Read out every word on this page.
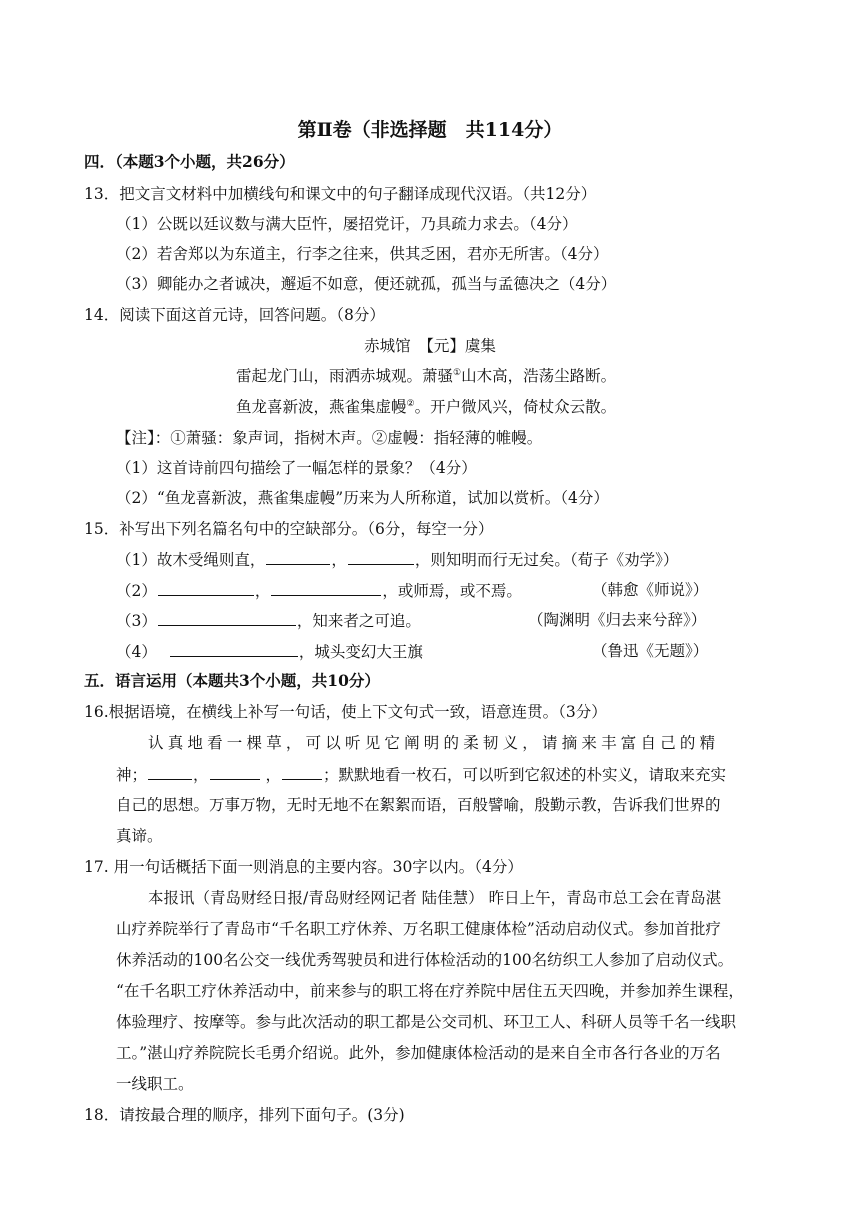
第Ⅱ卷（非选择题　共114分）
四．（本题3个小题，共26分）
13．把文言文材料中加横线句和课文中的句子翻译成现代汉语。（共12分）
（1）公既以廷议数与满大臣忤，屡招党讦，乃具疏力求去。（4分）
（2）若舍郑以为东道主，行李之往来，供其乏困，君亦无所害。（4分）
（3）卿能办之者诚决，邂逅不如意，便还就孤，孤当与孟德决之（4分）
14．阅读下面这首元诗，回答问题。（8分）
赤城馆　【元】虞集
雷起龙门山，雨洒赤城观。萧骚①山木高，浩荡尘路断。
鱼龙喜新波，燕雀集虚幔②。开户微风兴，倚杖众云散。
【注】：①萧骚：象声词，指树木声。②虚幔：指轻薄的帷幔。
（1）这首诗前四句描绘了一幅怎样的景象？（4分）
（2）“鱼龙喜新波，燕雀集虚幔”历来为人所称道，试加以赏析。（4分）
15．补写出下列名篇名句中的空缺部分。（6分，每空一分）
（1）故木受绳则直，	，	，则知明而行无过矣。（荀子《劝学》）
（2）	，	，或师焉，或不焉。	（韩愈《师说》）
（3）	，知来者之可追。	（陶渊明《归去来兮辞》）
（4）	，城头变幻大王旗	（鲁迅《无题》）
五．语言运用（本题共3个小题，共10分）
16.根据语境，在横线上补写一句话，使上下文句式一致，语意连贯。（3分）
认真地看一棵草，可以听见它阐明的柔韧义，请摘来丰富自己的精
神；	，	，	；默默地看一枚石，可以听到它叙述的朴实义，请取来充实
自己的思想。万事万物，无时无地不在絮絮而语，百般譬喻，殷勤示教，告诉我们世界的
真谛。
17. 用一句话概括下面一则消息的主要内容。30字以内。（4分）
本报讯（青岛财经日报/青岛财经网记者 陆佳慧） 昨日上午，青岛市总工会在青岛湛
山疗养院举行了青岛市“千名职工疗休养、万名职工健康体检”活动启动仪式。参加首批疗
休养活动的100名公交一线优秀驾驶员和进行体检活动的100名纺织工人参加了启动仪式。
“在千名职工疗休养活动中，前来参与的职工将在疗养院中居住五天四晚，并参加养生课程，
体验理疗、按摩等。参与此次活动的职工都是公交司机、环卫工人、科研人员等千名一线职
工。”湛山疗养院院长毛勇介绍说。此外，参加健康体检活动的是来自全市各行各业的万名
一线职工。
18．请按最合理的顺序，排列下面句子。(3分)
